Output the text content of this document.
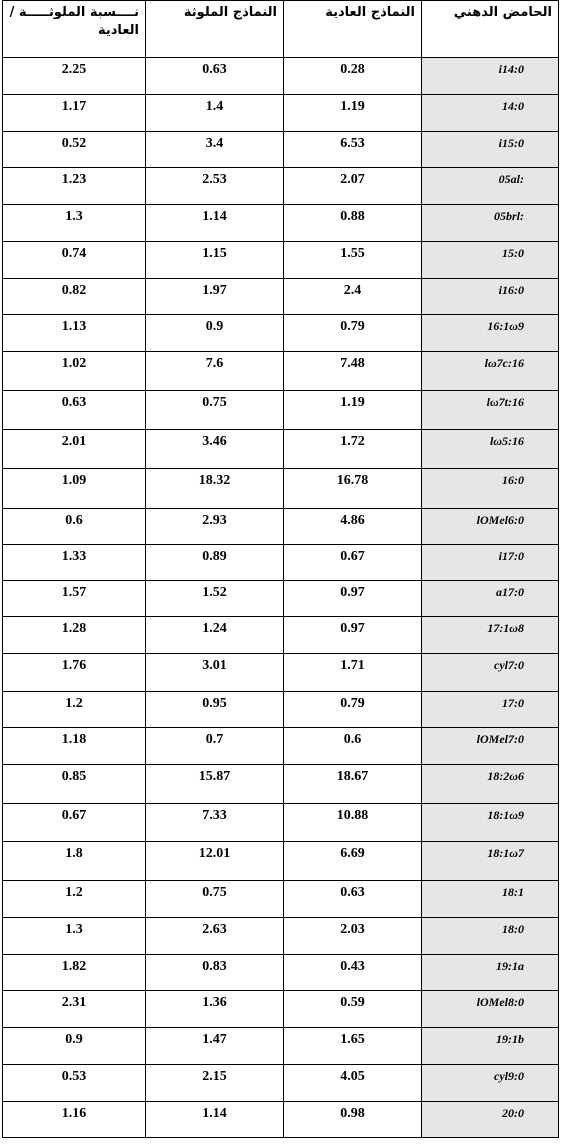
الحامض الدهني	النماذج العادية	النماذج الملوثة	نــــسبة الملوثـــــة / العادية
i14:0	0.28	0.63	2.25
14:0	1.19	1.4	1.17
i15:0	6.53	3.4	0.52
:05al	2.07	2.53	1.23
:05brl	0.88	1.14	1.3
15:0	1.55	1.15	0.74
i16:0	2.4	1.97	0.82
16:1ω9	0.79	0.9	1.13
16:lω7c	7.48	7.6	1.02
16:lω7t	1.19	0.75	0.63
16:lω5	1.72	3.46	2.01
16:0	16.78	18.32	1.09
lOMel6:0	4.86	2.93	0.6
i17:0	0.67	0.89	1.33
a17:0	0.97	1.52	1.57
17:1ω8	0.97	1.24	1.28
cyl7:0	1.71	3.01	1.76
17:0	0.79	0.95	1.2
lOMel7:0	0.6	0.7	1.18
18:2ω6	18.67	15.87	0.85
18:1ω9	10.88	7.33	0.67
18:1ω7	6.69	12.01	1.8
18:1	0.63	0.75	1.2
18:0	2.03	2.63	1.3
19:1a	0.43	0.83	1.82
lOMel8:0	0.59	1.36	2.31
19:1b	1.65	1.47	0.9
cyl9:0	4.05	2.15	0.53
20:0	0.98	1.14	1.16
